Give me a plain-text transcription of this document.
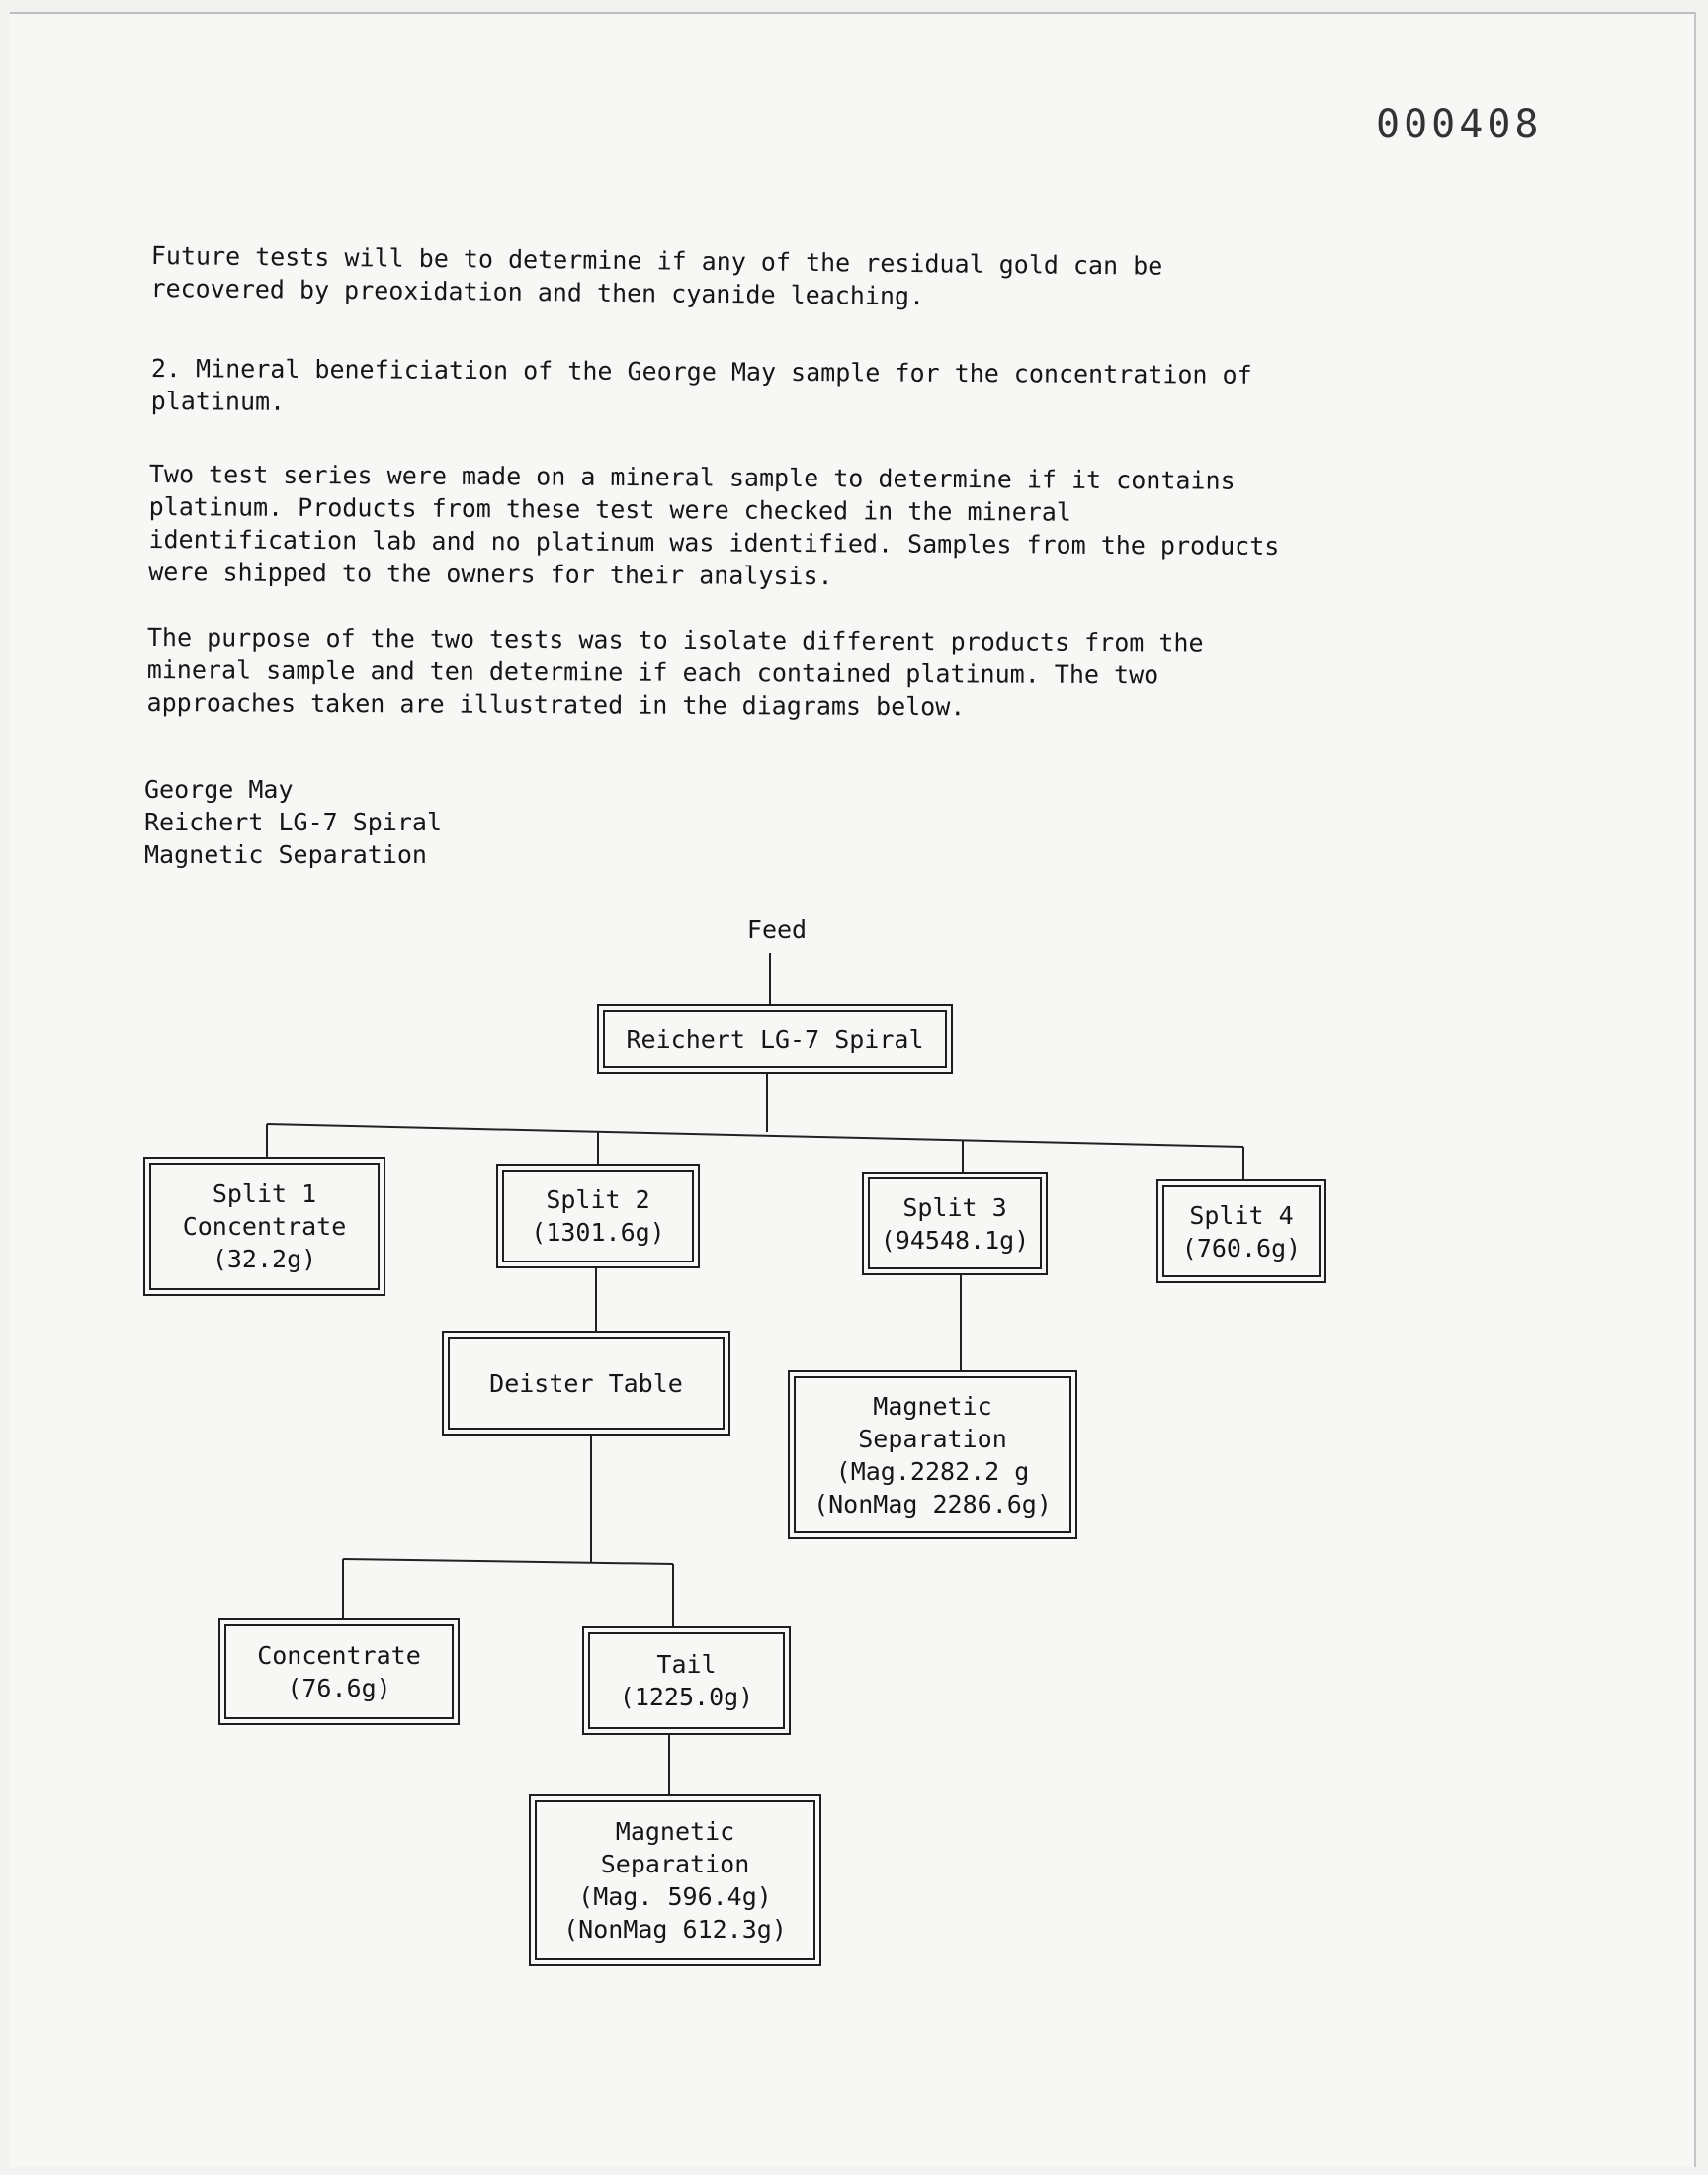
000408

Future tests will be to determine if any of the residual gold can be
recovered by preoxidation and then cyanide leaching.

2. Mineral beneficiation of the George May sample for the concentration of
platinum.

Two test series were made on a mineral sample to determine if it contains
platinum. Products from these test were checked in the mineral
identification lab and no platinum was identified. Samples from the products
were shipped to the owners for their analysis.

The purpose of the two tests was to isolate different products from the
mineral sample and ten determine if each contained platinum. The two
approaches taken are illustrated in the diagrams below.

George May
Reichert LG-7 Spiral
Magnetic Separation
Feed
Reichert LG-7 Spiral
Split 1
Concentrate
(32.2g)
Split 2
(1301.6g)
Split 3
(94548.1g)
Split 4
(760.6g)
Deister Table
Magnetic
Separation
(Mag.2282.2 g
(NonMag 2286.6g)
Concentrate
(76.6g)
Tail
(1225.0g)
Magnetic
Separation
(Mag. 596.4g)
(NonMag 612.3g)
